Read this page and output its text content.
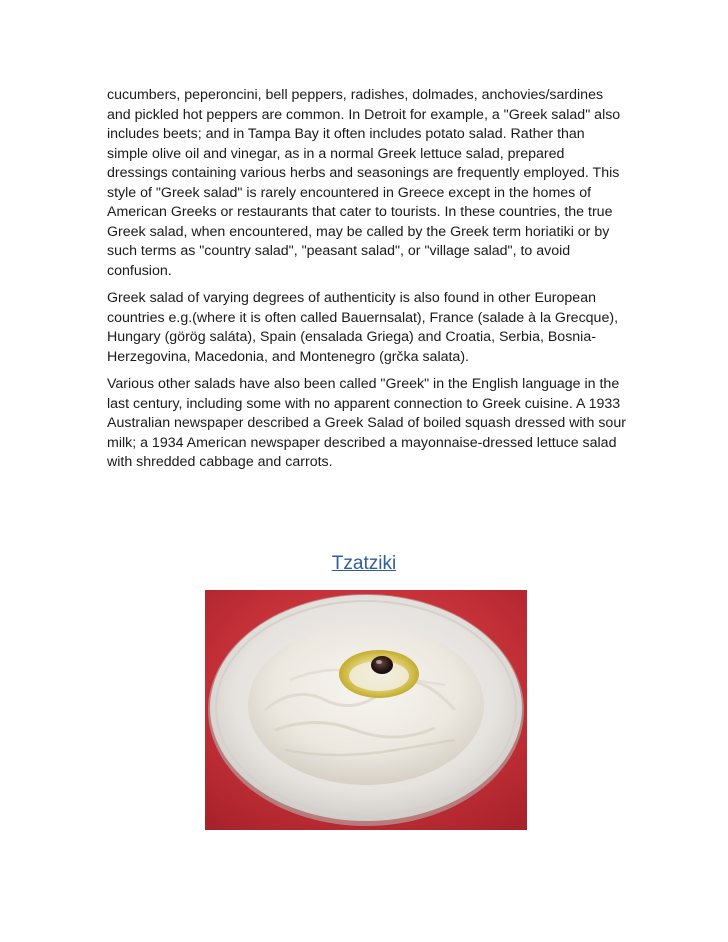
cucumbers, peperoncini, bell peppers, radishes, dolmades, anchovies/sardines and pickled hot peppers are common. In Detroit for example, a "Greek salad" also includes beets; and in Tampa Bay it often includes potato salad. Rather than simple olive oil and vinegar, as in a normal Greek lettuce salad, prepared dressings containing various herbs and seasonings are frequently employed. This style of "Greek salad" is rarely encountered in Greece except in the homes of American Greeks or restaurants that cater to tourists. In these countries, the true Greek salad, when encountered, may be called by the Greek term horiatiki or by such terms as "country salad", "peasant salad", or "village salad", to avoid confusion.

Greek salad of varying degrees of authenticity is also found in other European countries e.g.(where it is often called Bauernsalat), France (salade à la Grecque), Hungary (görög saláta), Spain (ensalada Griega) and Croatia, Serbia, Bosnia-Herzegovina, Macedonia, and Montenegro (grčka salata).

Various other salads have also been called "Greek" in the English language in the last century, including some with no apparent connection to Greek cuisine. A 1933 Australian newspaper described a Greek Salad of boiled squash dressed with sour milk; a 1934 American newspaper described a mayonnaise-dressed lettuce salad with shredded cabbage and carrots.

Tzatziki
